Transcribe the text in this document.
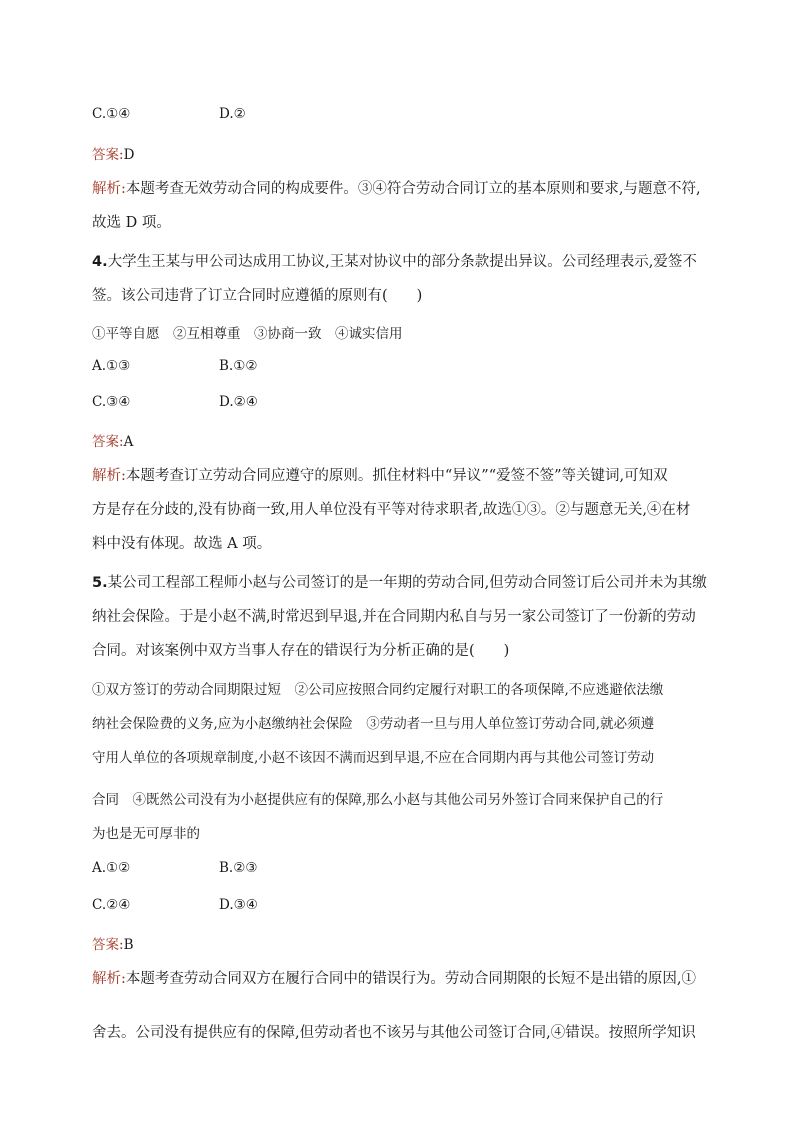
C.①④	D.②
答案:D
解析:本题考查无效劳动合同的构成要件。③④符合劳动合同订立的基本原则和要求,与题意不符,
故选 D 项。
4.大学生王某与甲公司达成用工协议,王某对协议中的部分条款提出异议。公司经理表示,爱签不
签。该公司违背了订立合同时应遵循的原则有(　　)
①平等自愿　②互相尊重　③协商一致　④诚实信用
A.①③	B.①②
C.③④	D.②④
答案:A
解析:本题考查订立劳动合同应遵守的原则。抓住材料中“异议”“爱签不签”等关键词,可知双
方是存在分歧的,没有协商一致,用人单位没有平等对待求职者,故选①③。②与题意无关,④在材
料中没有体现。故选 A 项。
5.某公司工程部工程师小赵与公司签订的是一年期的劳动合同,但劳动合同签订后公司并未为其缴
纳社会保险。于是小赵不满,时常迟到早退,并在合同期内私自与另一家公司签订了一份新的劳动
合同。对该案例中双方当事人存在的错误行为分析正确的是(　　)
①双方签订的劳动合同期限过短　②公司应按照合同约定履行对职工的各项保障,不应逃避依法缴
纳社会保险费的义务,应为小赵缴纳社会保险　③劳动者一旦与用人单位签订劳动合同,就必须遵
守用人单位的各项规章制度,小赵不该因不满而迟到早退,不应在合同期内再与其他公司签订劳动
合同　④既然公司没有为小赵提供应有的保障,那么小赵与其他公司另外签订合同来保护自己的行
为也是无可厚非的
A.①②	B.②③
C.②④	D.③④
答案:B
解析:本题考查劳动合同双方在履行合同中的错误行为。劳动合同期限的长短不是出错的原因,①
舍去。公司没有提供应有的保障,但劳动者也不该另与其他公司签订合同,④错误。按照所学知识
